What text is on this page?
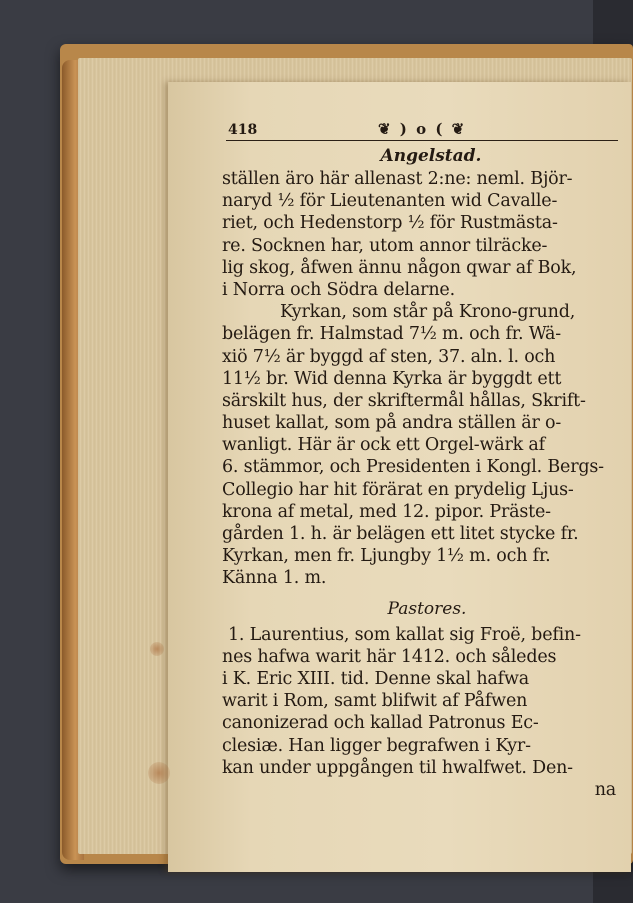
418	❦ ) o ( ❦
Angelstad.
ställen äro här allenast 2:ne: neml. Björ-
naryd ½ för Lieutenanten wid Cavalle-
riet, och Hedenstorp ½ för Rustmästa-
re. Socknen har, utom annor tilräcke-
lig skog, åfwen ännu någon qwar af Bok,
i Norra och Södra delarne.
Kyrkan, som står på Krono-grund,
belägen fr. Halmstad 7½ m. och fr. Wä-
xiö 7½ är byggd af sten, 37. aln. l. och
11½ br. Wid denna Kyrka är byggdt ett
särskilt hus, der skriftermål hållas, Skrift-
huset kallat, som på andra ställen är o-
wanligt. Här är ock ett Orgel-wärk af
6. stämmor, och Presidenten i Kongl. Bergs-
Collegio har hit förärat en prydelig Ljus-
krona af metal, med 12. pipor. Präste-
gården 1. h. är belägen ett litet stycke fr.
Kyrkan, men fr. Ljungby 1½ m. och fr.
Känna 1. m.
Pastores.
1. Laurentius, som kallat sig Froë, befin-
nes hafwa warit här 1412. och således
i K. Eric XIII. tid. Denne skal hafwa
warit i Rom, samt blifwit af Påfwen
canonizerad och kallad Patronus Ec-
clesiæ. Han ligger begrafwen i Kyr-
kan under uppgången til hwalfwet. Den-
na
